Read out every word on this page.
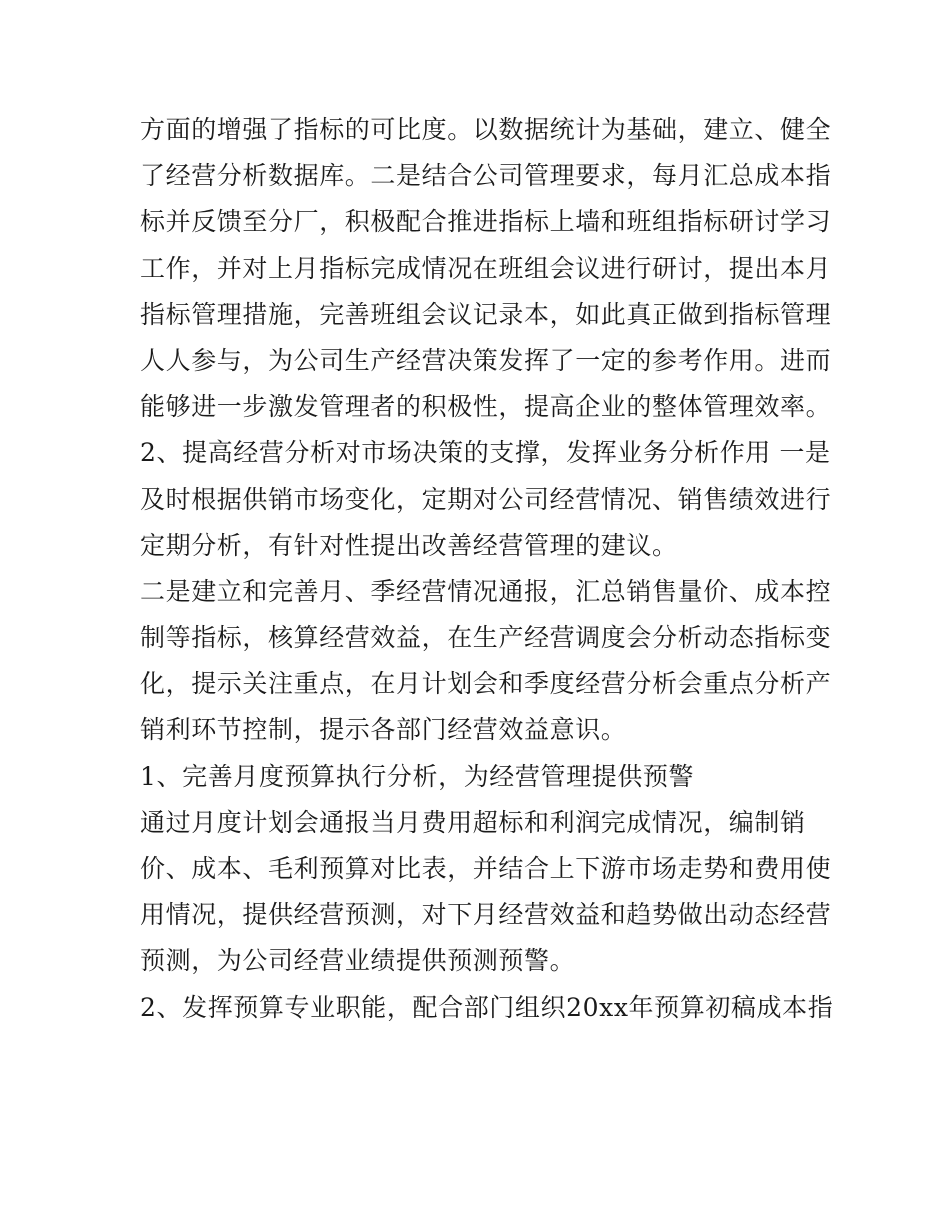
方面的增强了指标的可比度。以数据统计为基础，建立、健全
了经营分析数据库。二是结合公司管理要求，每月汇总成本指
标并反馈至分厂，积极配合推进指标上墙和班组指标研讨学习
工作，并对上月指标完成情况在班组会议进行研讨，提出本月
指标管理措施，完善班组会议记录本，如此真正做到指标管理
人人参与，为公司生产经营决策发挥了一定的参考作用。进而
能够进一步激发管理者的积极性，提高企业的整体管理效率。
2、提高经营分析对市场决策的支撑，发挥业务分析作用 一是
及时根据供销市场变化，定期对公司经营情况、销售绩效进行
定期分析，有针对性提出改善经营管理的建议。
二是建立和完善月、季经营情况通报，汇总销售量价、成本控
制等指标，核算经营效益，在生产经营调度会分析动态指标变
化，提示关注重点，在月计划会和季度经营分析会重点分析产
销利环节控制，提示各部门经营效益意识。
1、完善月度预算执行分析，为经营管理提供预警
通过月度计划会通报当月费用超标和利润完成情况，编制销
价、成本、毛利预算对比表，并结合上下游市场走势和费用使
用情况，提供经营预测，对下月经营效益和趋势做出动态经营
预测，为公司经营业绩提供预测预警。
2、发挥预算专业职能，配合部门组织20xx年预算初稿成本指
